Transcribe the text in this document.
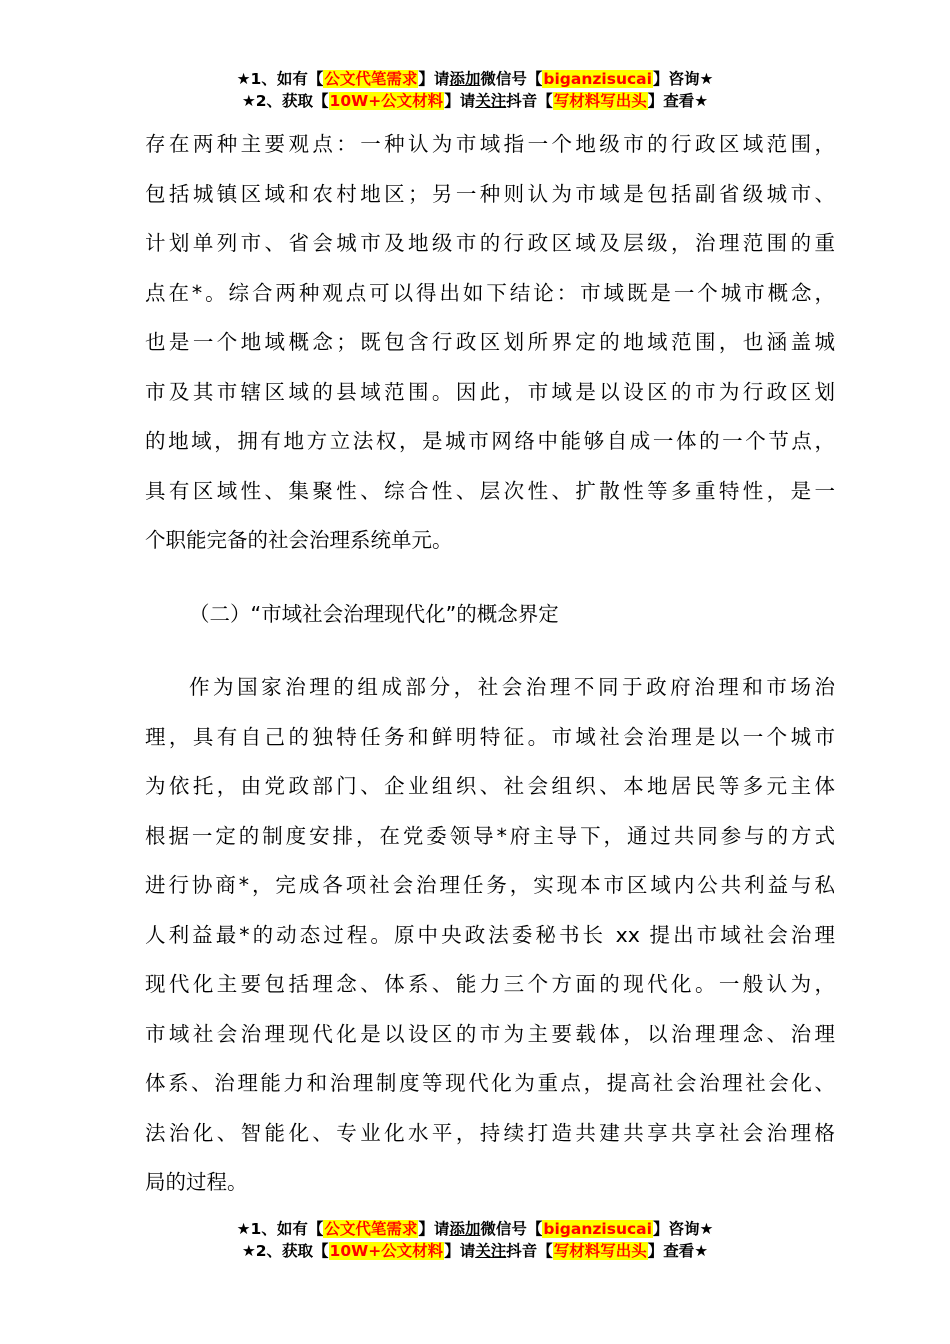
★1、如有【公文代笔需求】请添加微信号【biganzisucai】咨询★
★2、获取【10W+公文材料】请关注抖音【写材料写出头】查看★
存在两种主要观点：一种认为市域指一个地级市的行政区域范围，
包括城镇区域和农村地区；另一种则认为市域是包括副省级城市、
计划单列市、省会城市及地级市的行政区域及层级，治理范围的重
点在*。综合两种观点可以得出如下结论：市域既是一个城市概念，
也是一个地域概念；既包含行政区划所界定的地域范围，也涵盖城
市及其市辖区域的县域范围。因此，市域是以设区的市为行政区划
的地域，拥有地方立法权，是城市网络中能够自成一体的一个节点，
具有区域性、集聚性、综合性、层次性、扩散性等多重特性，是一
个职能完备的社会治理系统单元。
（二）“市域社会治理现代化”的概念界定
作为国家治理的组成部分，社会治理不同于政府治理和市场治
理，具有自己的独特任务和鲜明特征。市域社会治理是以一个城市
为依托，由党政部门、企业组织、社会组织、本地居民等多元主体
根据一定的制度安排，在党委领导*府主导下，通过共同参与的方式
进行协商*，完成各项社会治理任务，实现本市区域内公共利益与私
人利益最*的动态过程。原中央政法委秘书长 xx 提出市域社会治理
现代化主要包括理念、体系、能力三个方面的现代化。一般认为，
市域社会治理现代化是以设区的市为主要载体，以治理理念、治理
体系、治理能力和治理制度等现代化为重点，提高社会治理社会化、
法治化、智能化、专业化水平，持续打造共建共享共享社会治理格
局的过程。
★1、如有【公文代笔需求】请添加微信号【biganzisucai】咨询★
★2、获取【10W+公文材料】请关注抖音【写材料写出头】查看★
